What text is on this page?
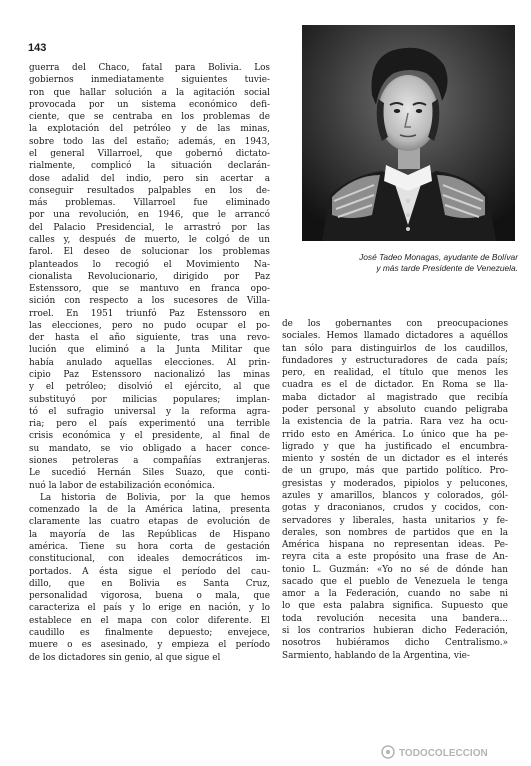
143
guerra del Chaco, fatal para Bolivia. Los
gobiernos inmediatamente siguientes tuvie-
ron que hallar solución a la agitación social
provocada por un sistema económico defi-
ciente, que se centraba en los problemas de
la explotación del petróleo y de las minas,
sobre todo las del estaño; además, en 1943,
el general Villarroel, que gobernó dictato-
rialmente, complicó la situación declarán-
dose adalid del indio, pero sin acertar a
conseguir resultados palpables en los de-
más problemas. Villarroel fue eliminado
por una revolución, en 1946, que le arrancó
del Palacio Presidencial, le arrastró por las
calles y, después de muerto, le colgó de un
farol. El deseo de solucionar los problemas
planteados lo recogió el Movimiento Na-
cionalista Revolucionario, dirigido por Paz
Estenssoro, que se mantuvo en franca opo-
sición con respecto a los sucesores de Villa-
rroel. En 1951 triunfó Paz Estenssoro en
las elecciones, pero no pudo ocupar el po-
der hasta el año siguiente, tras una revo-
lución que eliminó a la Junta Militar que
había anulado aquellas elecciones. Al prin-
cipio Paz Estenssoro nacionalizó las minas
y el petróleo; disolvió el ejército, al que
substituyó por milicias populares; implan-
tó el sufragio universal y la reforma agra-
ria; pero el país experimentó una terrible
crisis económica y el presidente, al final de
su mandato, se vio obligado a hacer conce-
siones petroleras a compañías extranjeras.
Le sucedió Hernán Siles Suazo, que conti-
nuó la labor de estabilización económica.
La historia de Bolivia, por la que hemos
comenzado la de la América latina, presenta
claramente las cuatro etapas de evolución de
la mayoría de las Repúblicas de Hispano
américa. Tiene su hora corta de gestación
constitucional, con ideales democráticos im-
portados. A ésta sigue el período del cau-
dillo, que en Bolivia es Santa Cruz,
personalidad vigorosa, buena o mala, que
caracteriza el país y lo erige en nación, y lo
establece en el mapa con color diferente. El
caudillo es finalmente depuesto; envejece,
muere o es asesinado, y empieza el período
de los dictadores sin genio, al que sigue el
José Tadeo Monagas, ayudante de Bolívar
y más tarde Presidente de Venezuela.
de los gobernantes con preocupaciones
sociales. Hemos llamado dictadores a aquéllos
tan sólo para distinguirlos de los caudillos,
fundadores y estructuradores de cada país;
pero, en realidad, el título que menos les
cuadra es el de dictador. En Roma se lla-
maba dictador al magistrado que recibía
poder personal y absoluto cuando peligraba
la existencia de la patria. Rara vez ha ocu-
rrido esto en América. Lo único que ha pe-
ligrado y que ha justificado el encumbra-
miento y sostén de un dictador es el interés
de un grupo, más que partido político. Pro-
gresistas y moderados, pipiolos y pelucones,
azules y amarillos, blancos y colorados, gól-
gotas y draconianos, crudos y cocidos, con-
servadores y liberales, hasta unitarios y fe-
derales, son nombres de partidos que en la
América hispana no representan ideas. Pe-
reyra cita a este propósito una frase de An-
tonio L. Guzmán: «Yo no sé de dónde han
sacado que el pueblo de Venezuela le tenga
amor a la Federación, cuando no sabe ni
lo que esta palabra significa. Supuesto que
toda revolución necesita una bandera...
si los contrarios hubieran dicho Federación,
nosotros hubiéramos dicho Centralismo.»
Sarmiento, hablando de la Argentina, vie-
TODOCOLECCION
